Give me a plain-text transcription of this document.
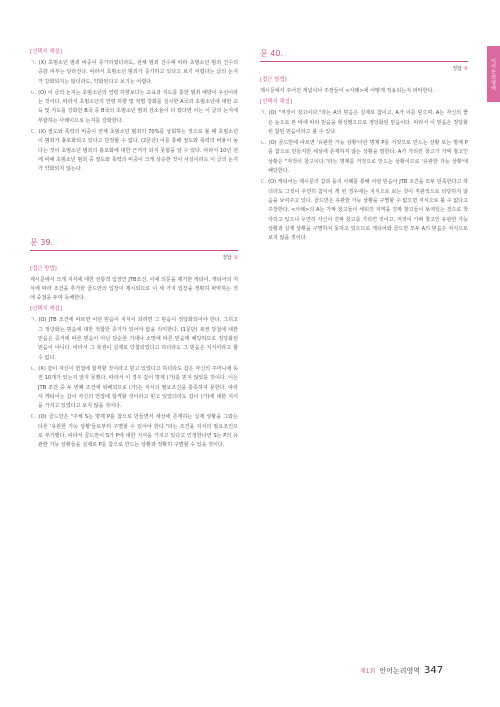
이어논리영역

[선택지 해설]

ㄱ. (X) 초범소년 범죄 비중이 증가하였더라도, 전체 범죄 건수에 따라 초범소년 범죄 건수의 증감 여부는 달라진다. 따라서 초범소년 범죄가 증가하고 있다고 보기 어렵다는 글의 논지가 강화되지는 않더라도, 약화된다고 보기는 어렵다.

ㄴ. (O) 이 글의 논지는 초범소년의 연령 하향보다는 교육과 지도를 통한 범죄 예방이 우선이라는 것이다. 따라서 초범소년의 연령 하향 및 처벌 강화를 실시한 A국과 초범소년에 대한 교육 및 지도를 강화한 B국 중 B국의 초범소년 범죄 감소율이 더 컸다면 이는 이 글의 논지에 부합하는 사례이므로 논지를 강화한다.

ㄷ. (X) 절도와 폭력의 비중이 전체 초범소년 범죄의 70%를 상회하는 것으로 볼 때 초범소년이 범죄가 흉포화되고 있다고 단정할 수 없다. (2문단) 이를 통해 절도와 폭력의 비율이 높다는 것이 초범소년 범죄의 흉포화에 대한 근거가 되지 못함을 알 수 있다. 따라서 10년 전에 비해 초범소년 범죄 중 절도와 폭력의 비중이 크게 상승한 것이 사실이라도 이 글의 논지가 약화되지 않는다.

문 39.

정답 ③

[접근 방법]

제시문에서 크게 지식에 대한 전통적 입장인 JTB조건, 이에 의문을 제기한 게티어, 게티어의 지식에 따라 조건을 추가한 골드만의 입장이 제시되므로 이 세 가지 입장을 정확히 파악하는 것에 중점을 두며 독해한다.

[선택지 해설]

ㄱ. (O) JTB 조건에 따르면 어떤 믿음이 지식이 되려면 그 믿음이 정당화되어야 한다. 그리고 그 정당화는 믿음에 대한 적합한 증거가 있어야 함을 의미한다. (1문단) 복권 당첨에 대한 믿음은 증거에 따른 믿음이 아닌 단순한 기대나 소망에 따른 믿음에 해당하므로 정당화된 믿음이 아니다. 따라서 그 복권이 실제로 당첨되었다고 하더라도 그 믿음은 지식이라고 할 수 없다.

ㄴ. (X) 갑이 자신이 면접에 합격할 것이라고 믿고 있었다고 하더라도 갑은 자신의 주머니에 동전 10개가 있는지 알지 못했다. 따라서 이 경우 갑이 명제 (가)를 믿지 않았을 것이다. 이는 JTB 조건 중 두 번째 조건에 위배되므로 (가)는 지식의 필요조건을 충족하지 못한다. 따라서 게티어는 갑이 자신의 면접에 합격할 것이라고 믿고 있었더라도 갑이 (가)에 대한 지식을 가지고 있었다고 보지 않을 것이다.

ㄷ. (O) 골드만은 "주체 S는 명제 P를 참으로 만들면서 세상에 존재하는 실제 상황을 그와는 다른 '유관한 가능 상황'들로부터 구별할 수 있어야 한다."라는 조건을 지식의 필요조건으로 부가했다. 따라서 골드만이 S가 P에 대한 지식을 가지고 있다고 인정한다면 S는 P의 유관한 가능 상황들을 실제로 P를 참으로 만드는 상황과 정확히 구별할 수 있을 것이다.

문 40.

정답 ⑤

[접근 방법]

제시문에서 주어진 개념이나 주장들이 <사례>에 어떻게 적용되는지 파악한다.

[선택지 해설]

ㄱ. (O) "저것이 창고이다."라는 A의 믿음은 실제로 참이고, A가 이를 믿으며, A는 자신의 좋은 눈으로 본 바에 따라 믿음을 형성했으므로 정당화된 믿음이다. 따라서 이 믿음은 정당화된 참된 믿음이라고 볼 수 있다.

ㄴ. (O) 골드만에 따르면 '유관한 가능 상황'이란 명제 P를 거짓으로 만드는 상황 또는 명제 P를 참으로 만들지만 세상에 존재하지 않는 상황을 말한다. A가 가리킨 창고가 가짜 창고인 상황은 "저것이 창고이다."라는 명제를 거짓으로 만드는 상황이므로 '유관한 가능 상황'에 해당한다.

ㄷ. (O) 게티어는 제시문의 갑과 을의 사례를 통해 어떤 믿음이 JTB 조건을 모두 만족한다고 하더라도 그것이 우연히 참이어 게 된 경우에는 지식으로 보는 것이 직관적으로 타당하지 않음을 보여주고 있다. 골드만은 유관한 가능 상황을 구별할 수 없으면 지식으로 볼 수 없다고 주장한다. <사례>의 A는 가짜 창고들이 세워진 지역을 진짜 창고들이 보여있는 것으로 착각하고 있으나 우연히 자신이 진짜 창고를 가리킨 것이고, 저것이 가짜 창고인 유관한 가능 상황과 실제 상황을 구별하지 못하고 있으므로 게티어와 골드만 모두 A의 믿음은 지식으로 보지 않을 것이다.

제1회 언어논리영역 347
